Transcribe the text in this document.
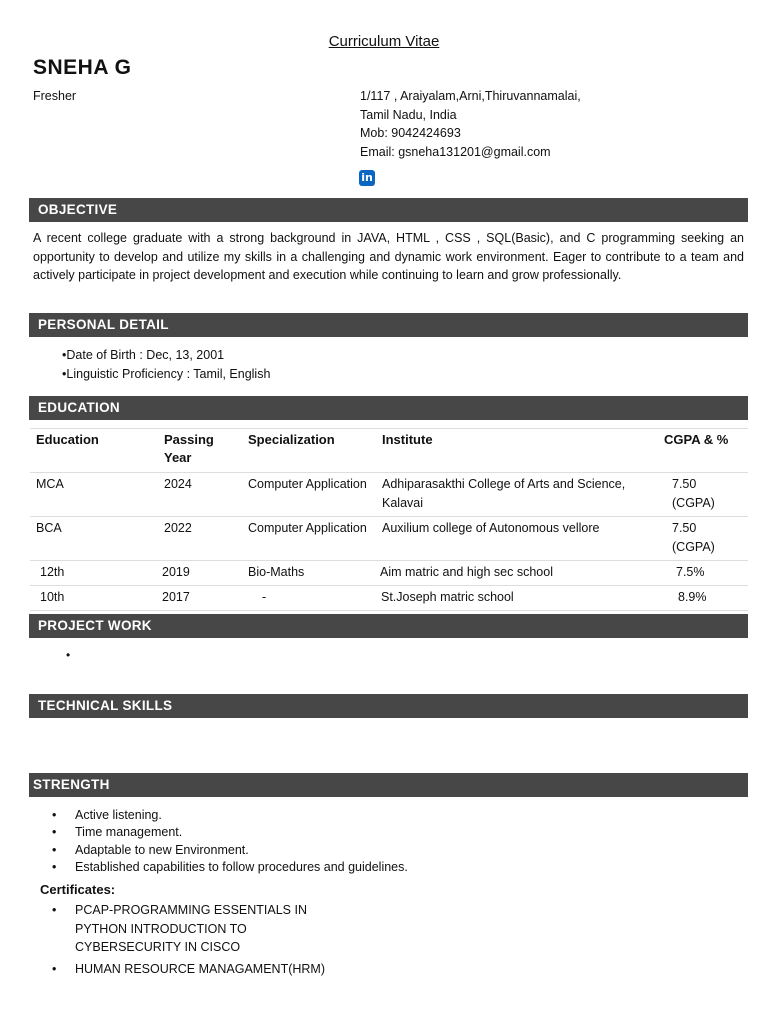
Curriculum Vitae
SNEHA G
Fresher	1/117 , Araiyalam,Arni,Thiruvannamalai,
Tamil Nadu, India
Mob: 9042424693
Email: gsneha131201@gmail.com
in
OBJECTIVE
A recent college graduate with a strong background in JAVA, HTML , CSS , SQL(Basic), and C programming seeking an opportunity to develop and utilize my skills in a challenging and dynamic work environment. Eager to contribute to a team and actively participate in project development and execution while continuing to learn and grow professionally.
PERSONAL DETAIL
• Date of Birth : Dec, 13, 2001
• Linguistic Proficiency : Tamil, English
EDUCATION
Education	Passing Year	Specialization	Institute	CGPA & %
MCA	2024	Computer Application	Adhiparasakthi College of Arts and Science, Kalavai	7.50 (CGPA)
BCA	2022	Computer Application	Auxilium college of Autonomous vellore	7.50 (CGPA)
12th	2019	Bio-Maths	Aim matric and high sec school	7.5%
10th	2017	-	St.Joseph matric school	8.9%
PROJECT WORK
•
TECHNICAL SKILLS
STRENGTH
• Active listening.
• Time management.
• Adaptable to new Environment.
• Established capabilities to follow procedures and guidelines.
Certificates:
• PCAP-PROGRAMMING ESSENTIALS IN PYTHON INTRODUCTION TO CYBERSECURITY IN CISCO
• HUMAN RESOURCE MANAGAMENT(HRM)
